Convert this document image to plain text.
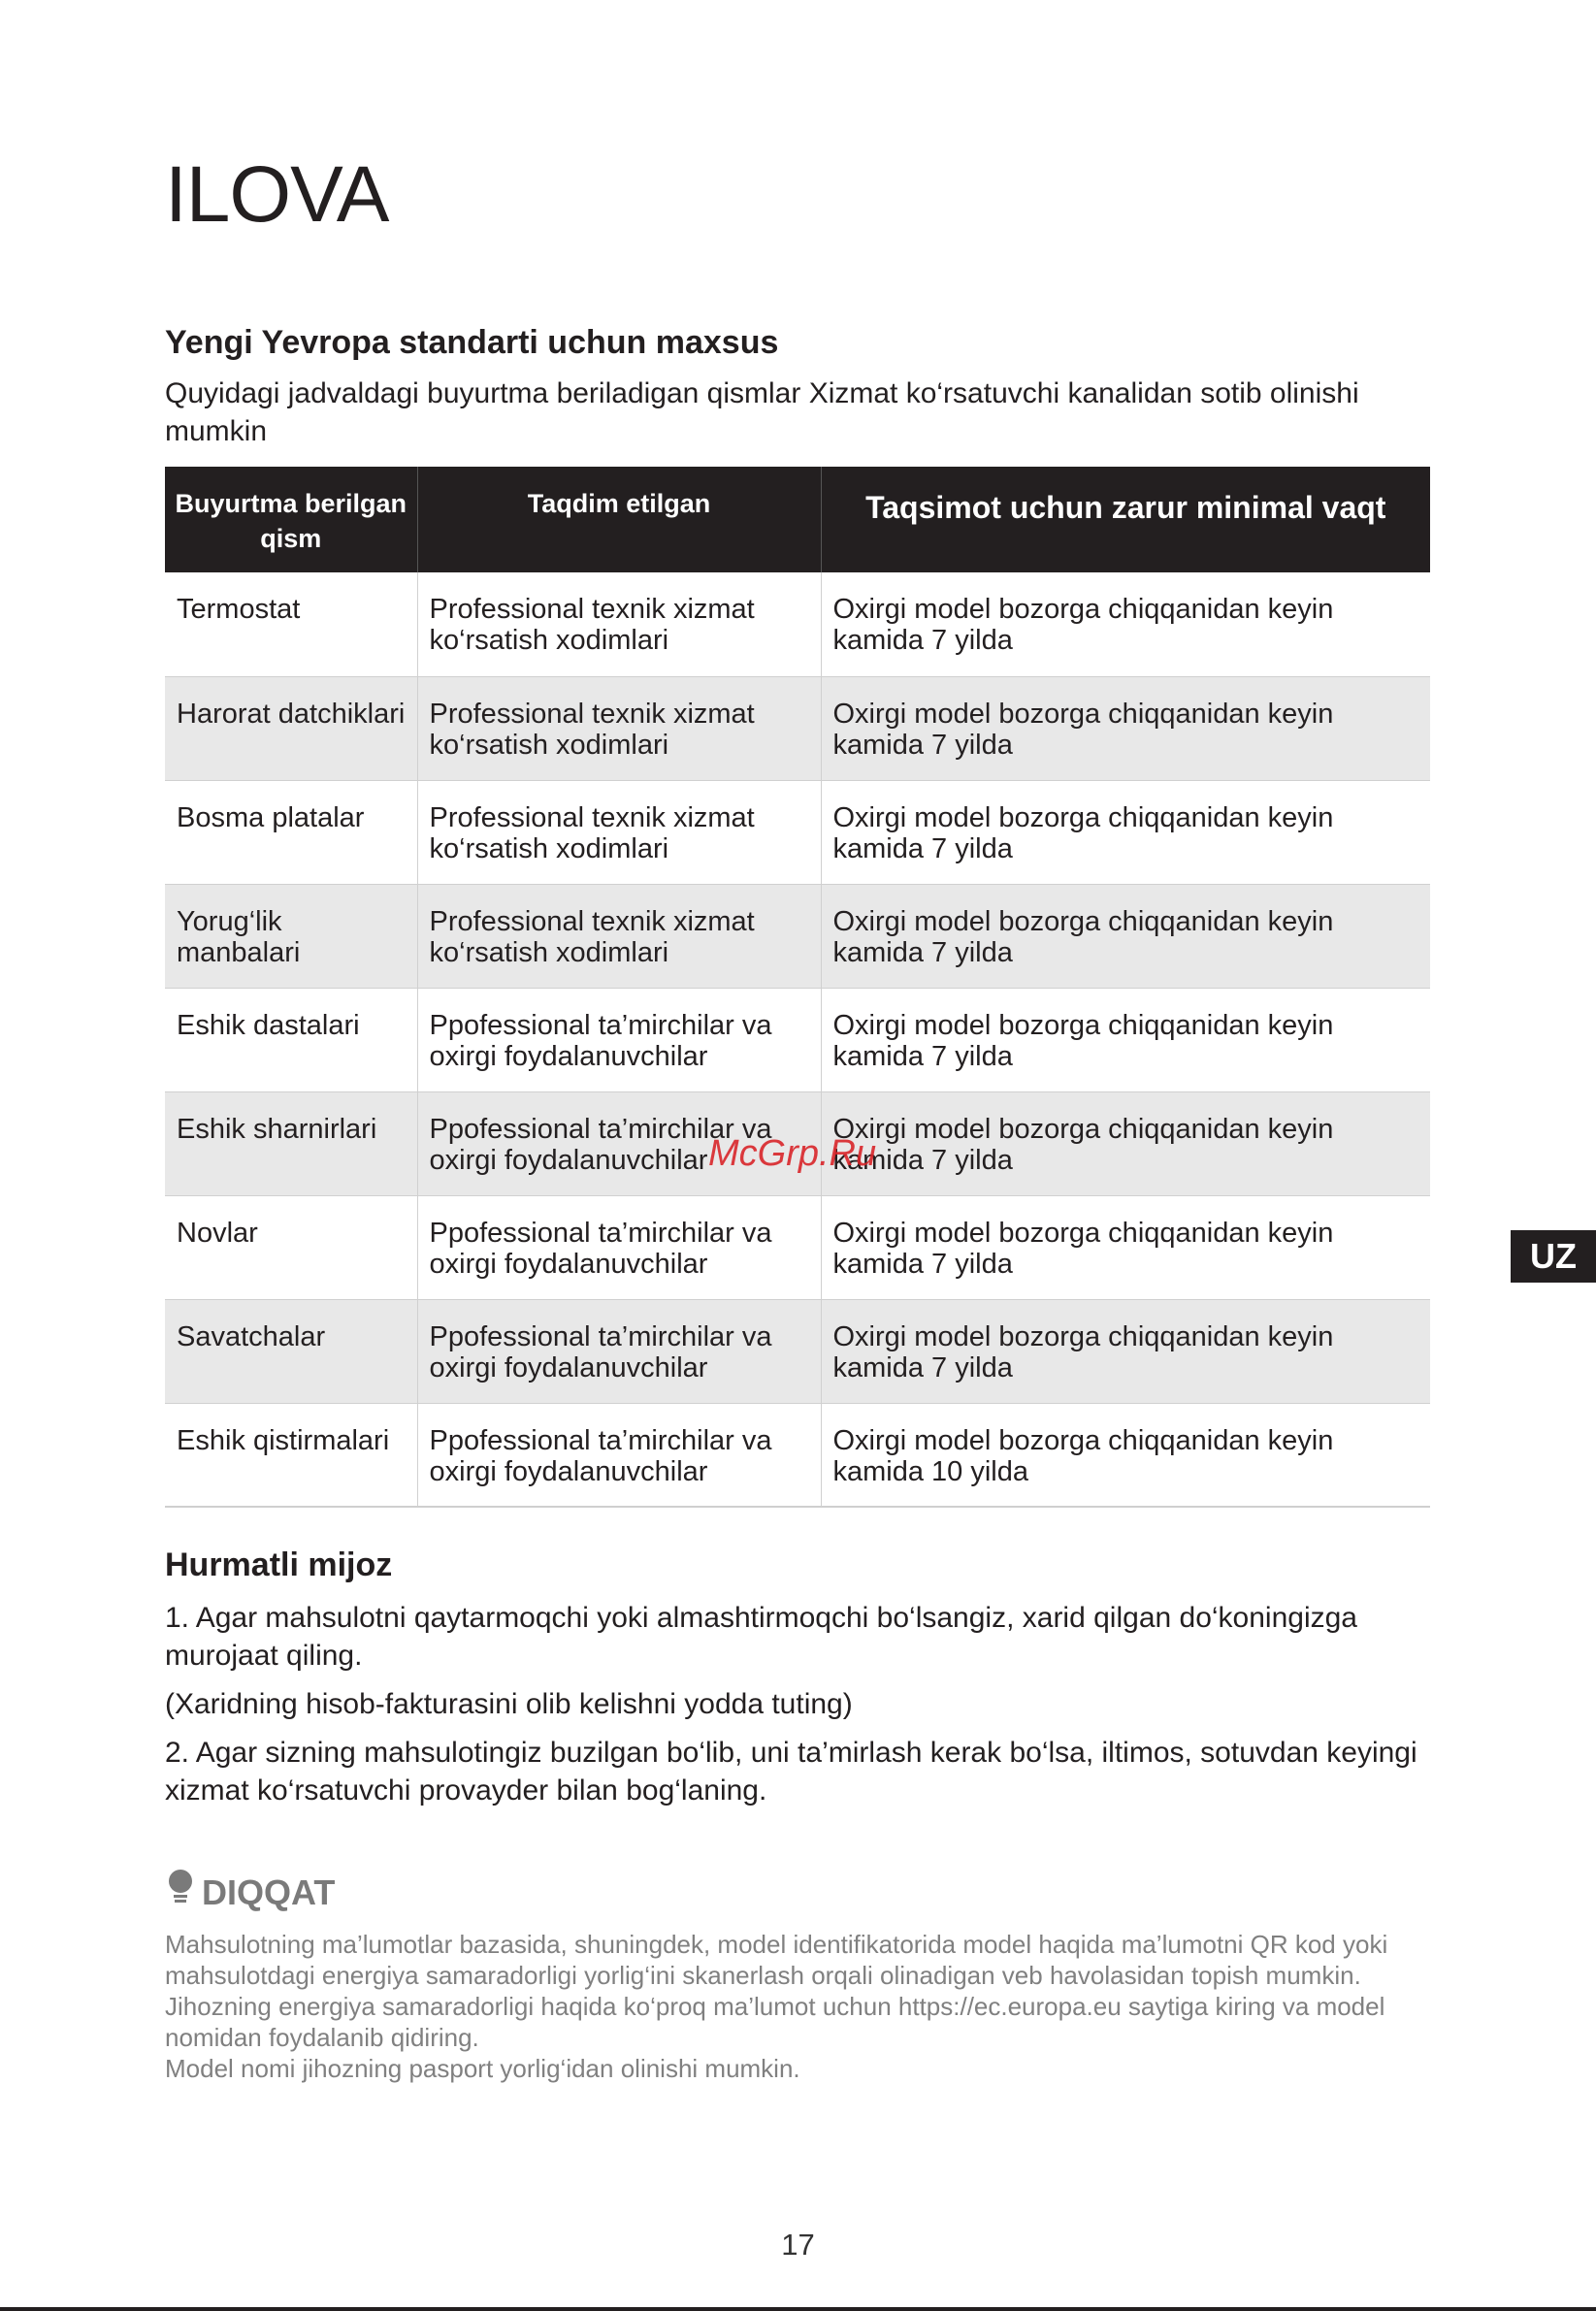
ILOVA
Yengi Yevropa standarti uchun maxsus

Quyidagi jadvaldagi buyurtma beriladigan qismlar Xizmat ko‘rsatuvchi kanalidan sotib olinishi mumkin

Buyurtma berilgan qism	Taqdim etilgan	Taqsimot uchun zarur minimal vaqt
Termostat	Professional texnik xizmat ko‘rsatish xodimlari	Oxirgi model bozorga chiqqanidan keyin kamida 7 yilda
Harorat datchiklari	Professional texnik xizmat ko‘rsatish xodimlari	Oxirgi model bozorga chiqqanidan keyin kamida 7 yilda
Bosma platalar	Professional texnik xizmat ko‘rsatish xodimlari	Oxirgi model bozorga chiqqanidan keyin kamida 7 yilda
Yorug‘lik manbalari	Professional texnik xizmat ko‘rsatish xodimlari	Oxirgi model bozorga chiqqanidan keyin kamida 7 yilda
Eshik dastalari	Ppofessional ta’mirchilar va oxirgi foydalanuvchilar	Oxirgi model bozorga chiqqanidan keyin kamida 7 yilda
Eshik sharnirlari	Ppofessional ta’mirchilar va oxirgi foydalanuvchilar	Oxirgi model bozorga chiqqanidan keyin kamida 7 yilda
Novlar	Ppofessional ta’mirchilar va oxirgi foydalanuvchilar	Oxirgi model bozorga chiqqanidan keyin kamida 7 yilda
Savatchalar	Ppofessional ta’mirchilar va oxirgi foydalanuvchilar	Oxirgi model bozorga chiqqanidan keyin kamida 7 yilda
Eshik qistirmalari	Ppofessional ta’mirchilar va oxirgi foydalanuvchilar	Oxirgi model bozorga chiqqanidan keyin kamida 10 yilda
McGrp.Ru
UZ
Hurmatli mijoz

1. Agar mahsulotni qaytarmoqchi yoki almashtirmoqchi bo‘lsangiz, xarid qilgan do‘koningizga murojaat qiling.

(Xaridning hisob-fakturasini olib kelishni yodda tuting)

2. Agar sizning mahsulotingiz buzilgan bo‘lib, uni ta’mirlash kerak bo‘lsa, iltimos, sotuvdan keyingi xizmat ko‘rsatuvchi provayder bilan bog‘laning.

DIQQAT

Mahsulotning ma’lumotlar bazasida, shuningdek, model identifikatorida model haqida ma’lumotni QR kod yoki mahsulotdagi energiya samaradorligi yorlig‘ini skanerlash orqali olinadigan veb havolasidan topish mumkin.

Jihozning energiya samaradorligi haqida ko‘proq ma’lumot uchun https://ec.europa.eu saytiga kiring va model nomidan foydalanib qidiring.

Model nomi jihozning pasport yorlig‘idan olinishi mumkin.

17
